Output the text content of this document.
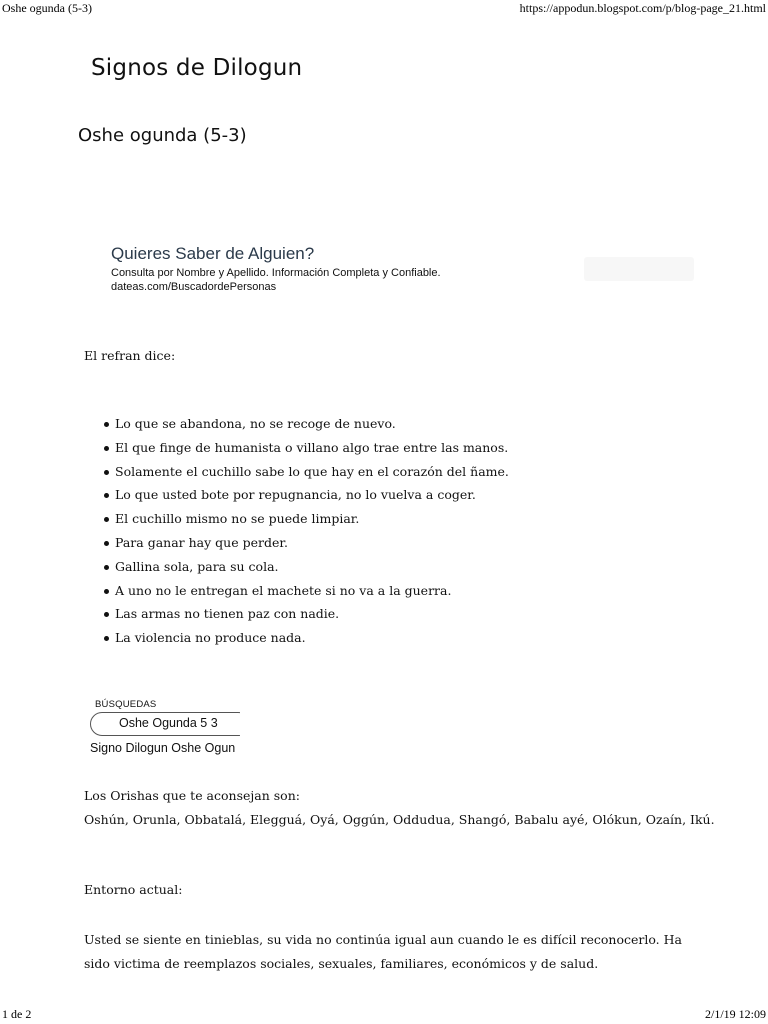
Oshe ogunda (5-3)	https://appodun.blogspot.com/p/blog-page_21.html
Signos de Dilogun
Oshe ogunda (5-3)
Quieres Saber de Alguien?
Consulta por Nombre y Apellido. Información Completa y Confiable.
dateas.com/BuscadordePersonas
El refran dice:
Lo que se abandona, no se recoge de nuevo.
El que finge de humanista o villano algo trae entre las manos.
Solamente el cuchillo sabe lo que hay en el corazón del ñame.
Lo que usted bote por repugnancia, no lo vuelva a coger.
El cuchillo mismo no se puede limpiar.
Para ganar hay que perder.
Gallina sola, para su cola.
A uno no le entregan el machete si no va a la guerra.
Las armas no tienen paz con nadie.
La violencia no produce nada.
BÚSQUEDAS
Oshe Ogunda 5 3
Signo Dilogun Oshe Ogun
Los Orishas que te aconsejan son:
Oshún, Orunla, Obbatalá, Elegguá, Oyá, Oggún, Oddudua, Shangó, Babalu ayé, Olókun, Ozaín, Ikú.
Entorno actual:
Usted se siente en tinieblas, su vida no continúa igual aun cuando le es difícil reconocerlo. Ha sido victima de reemplazos sociales, sexuales, familiares, económicos y de salud.
1 de 2	2/1/19 12:09
